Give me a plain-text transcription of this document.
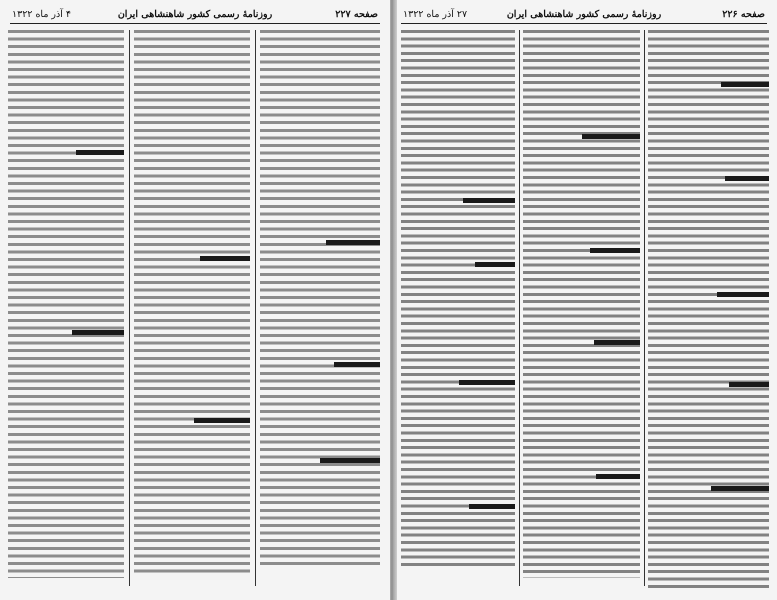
صفحه ۲۲۶
روزنامهٔ رسمی کشور شاهنشاهی ایران
۲۷ آذر ماه ۱۳۲۲
صفحه ۲۲۷
روزنامهٔ رسمی کشور شاهنشاهی ایران
۴ آذر ماه ۱۳۲۲
